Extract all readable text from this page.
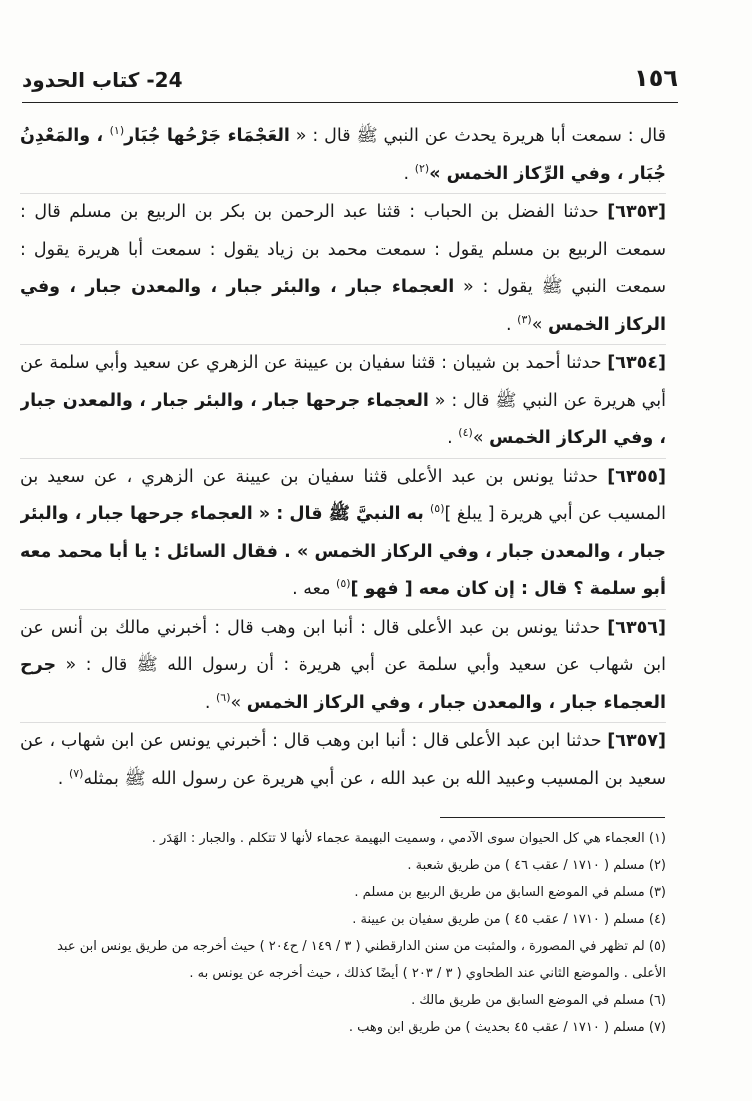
24- كتاب الحدود	١٥٦

قال : سمعت أبا هريرة يحدث عن النبي ﷺ قال : « العَجْمَاء جَرْحُها جُبَار$^{(١)}$ ، والمَعْدِنُ جُبَار ، وفي الرِّكاز الخمس »$^{(٢)}$ .

[٦٣٥٣] حدثنا الفضل بن الحباب : قثنا عبد الرحمن بن بكر بن الربيع بن مسلم قال : سمعت الربيع بن مسلم يقول : سمعت محمد بن زياد يقول : سمعت أبا هريرة يقول : سمعت النبي ﷺ يقول : « العجماء جبار ، والبئر جبار ، والمعدن جبار ، وفي الركاز الخمس »$^{(٣)}$ .

[٦٣٥٤] حدثنا أحمد بن شيبان : قثنا سفيان بن عيينة عن الزهري عن سعيد وأبي سلمة عن أبي هريرة عن النبي ﷺ قال : « العجماء جرحها جبار ، والبئر جبار ، والمعدن جبار ، وفي الركاز الخمس »$^{(٤)}$ .

[٦٣٥٥] حدثنا يونس بن عبد الأعلى قثنا سفيان بن عيينة عن الزهري ، عن سعيد بن المسيب عن أبي هريرة [ يبلغ ]$^{(٥)}$ به النبيَّ ﷺ قال : « العجماء جرحها جبار ، والبئر جبار ، والمعدن جبار ، وفي الركاز الخمس » . فقال السائل : يا أبا محمد معه أبو سلمة ؟ قال : إن كان معه [ فهو ]$^{(٥)}$ معه .

[٦٣٥٦] حدثنا يونس بن عبد الأعلى قال : أنبا ابن وهب قال : أخبرني مالك بن أنس عن ابن شهاب عن سعيد وأبي سلمة عن أبي هريرة : أن رسول الله ﷺ قال : « جرح العجماء جبار ، والمعدن جبار ، وفي الركاز الخمس »$^{(٦)}$ .

[٦٣٥٧] حدثنا ابن عبد الأعلى قال : أنبا ابن وهب قال : أخبرني يونس عن ابن شهاب ، عن سعيد بن المسيب وعبيد الله بن عبد الله ، عن أبي هريرة عن رسول الله ﷺ بمثله$^{(٧)}$ .

(١) العجماء هي كل الحيوان سوى الآدمي ، وسميت البهيمة عجماء لأنها لا تتكلم . والجبار : الهَدَر .
(٢) مسلم ( ١٧١٠ / عقب ٤٦ ) من طريق شعبة .
(٣) مسلم في الموضع السابق من طريق الربيع بن مسلم .
(٤) مسلم ( ١٧١٠ / عقب ٤٥ ) من طريق سفيان بن عيينة .
(٥) لم تظهر في المصورة ، والمثبت من سنن الدارقطني ( ٣ / ١٤٩ / ح٢٠٤ ) حيث أخرجه من طريق يونس ابن عبد الأعلى . والموضع الثاني عند الطحاوي ( ٣ / ٢٠٣ ) أيضًا كذلك ، حيث أخرجه عن يونس به .
(٦) مسلم في الموضع السابق من طريق مالك .
(٧) مسلم ( ١٧١٠ / عقب ٤٥ بحديث ) من طريق ابن وهب .
